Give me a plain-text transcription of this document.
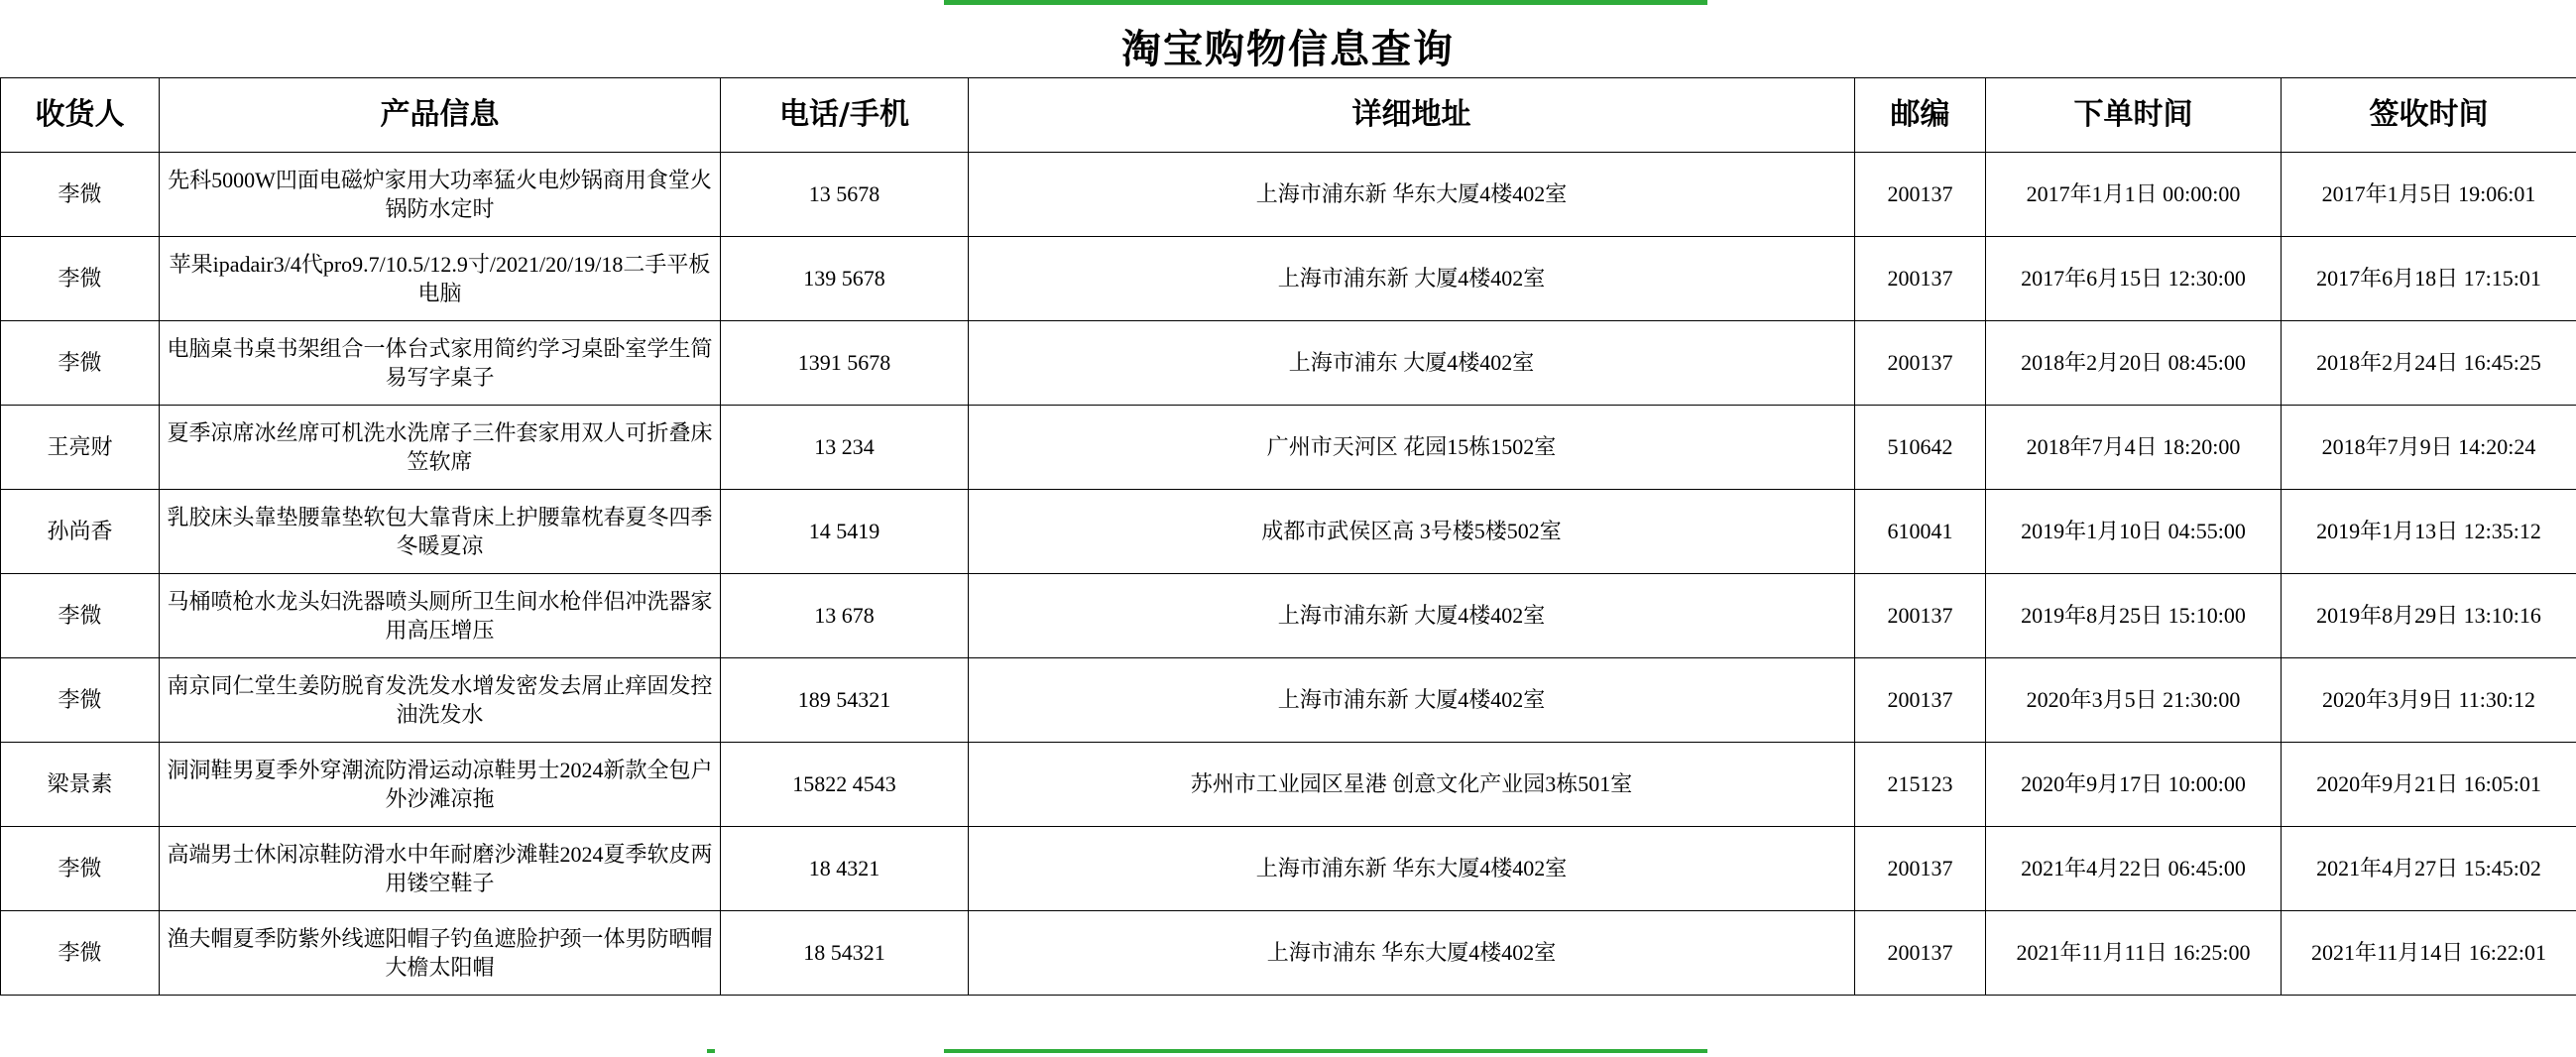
淘宝购物信息查询
收货人	产品信息	电话/手机	详细地址	邮编	下单时间	签收时间
李微	先科5000W凹面电磁炉家用大功率猛火电炒锅商用食堂火锅防水定时	13 5678	上海市浦东新 华东大厦4楼402室	200137	2017年1月1日 00:00:00	2017年1月5日 19:06:01
李微	苹果ipadair3/4代pro9.7/10.5/12.9寸/2021/20/19/18二手平板电脑	139 5678	上海市浦东新 大厦4楼402室	200137	2017年6月15日 12:30:00	2017年6月18日 17:15:01
李微	电脑桌书桌书架组合一体台式家用简约学习桌卧室学生简易写字桌子	1391 5678	上海市浦东 大厦4楼402室	200137	2018年2月20日 08:45:00	2018年2月24日 16:45:25
王亮财	夏季凉席冰丝席可机洗水洗席子三件套家用双人可折叠床笠软席	13 234	广州市天河区 花园15栋1502室	510642	2018年7月4日 18:20:00	2018年7月9日 14:20:24
孙尚香	乳胶床头靠垫腰靠垫软包大靠背床上护腰靠枕春夏冬四季冬暖夏凉	14 5419	成都市武侯区高 3号楼5楼502室	610041	2019年1月10日 04:55:00	2019年1月13日 12:35:12
李微	马桶喷枪水龙头妇洗器喷头厕所卫生间水枪伴侣冲洗器家用高压增压	13 678	上海市浦东新 大厦4楼402室	200137	2019年8月25日 15:10:00	2019年8月29日 13:10:16
李微	南京同仁堂生姜防脱育发洗发水增发密发去屑止痒固发控油洗发水	189 54321	上海市浦东新 大厦4楼402室	200137	2020年3月5日 21:30:00	2020年3月9日 11:30:12
梁景素	洞洞鞋男夏季外穿潮流防滑运动凉鞋男士2024新款全包户外沙滩凉拖	15822 4543	苏州市工业园区星港 创意文化产业园3栋501室	215123	2020年9月17日 10:00:00	2020年9月21日 16:05:01
李微	高端男士休闲凉鞋防滑水中年耐磨沙滩鞋2024夏季软皮两用镂空鞋子	18 4321	上海市浦东新 华东大厦4楼402室	200137	2021年4月22日 06:45:00	2021年4月27日 15:45:02
李微	渔夫帽夏季防紫外线遮阳帽子钓鱼遮脸护颈一体男防晒帽大檐太阳帽	18 54321	上海市浦东 华东大厦4楼402室	200137	2021年11月11日 16:25:00	2021年11月14日 16:22:01
